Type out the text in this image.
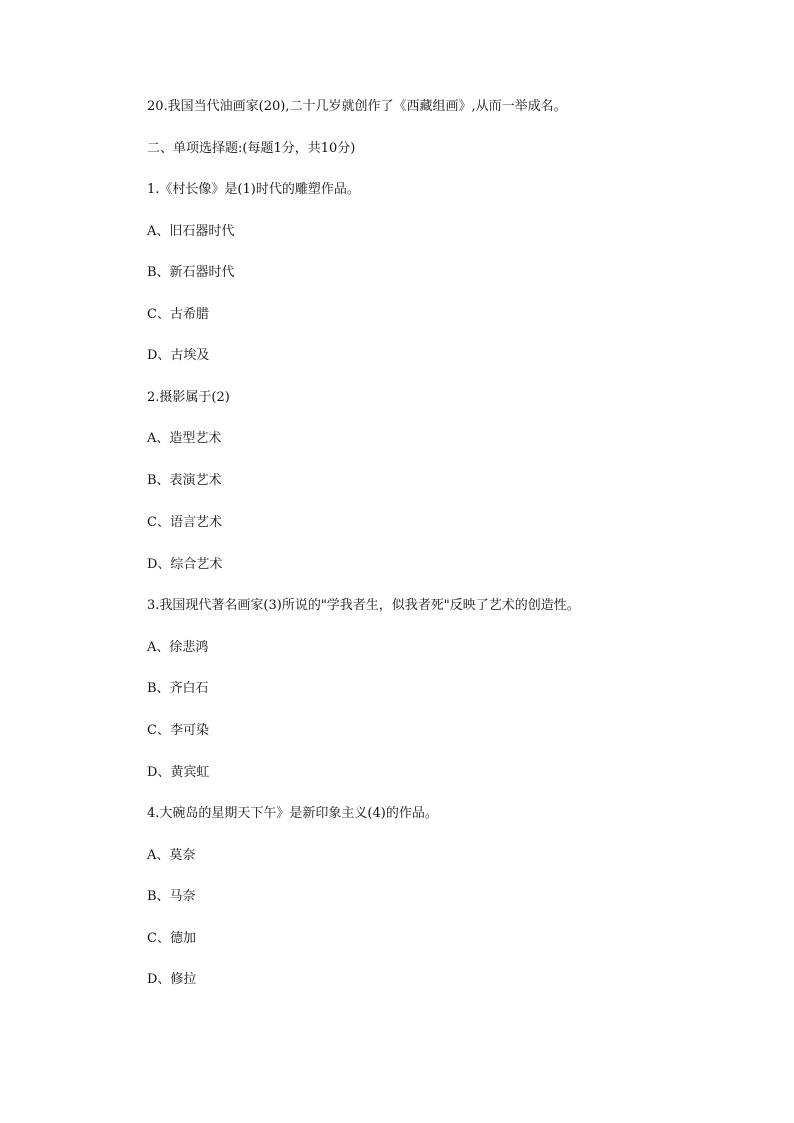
20.我国当代油画家(20),二十几岁就创作了《西藏组画》,从而一举成名。

二、单项选择题:(每题1分，共10分)

1.《村长像》是(1)时代的雕塑作品。

A、旧石器时代

B、新石器时代

C、古希腊

D、古埃及

2.摄影属于(2)

A、造型艺术

B、表演艺术

C、语言艺术

D、综合艺术

3.我国现代著名画家(3)所说的"学我者生，似我者死"反映了艺术的创造性。

A、徐悲鸿

B、齐白石

C、李可染

D、黄宾虹

4.大碗岛的星期天下午》是新印象主义(4)的作品。

A、莫奈

B、马奈

C、德加

D、修拉
